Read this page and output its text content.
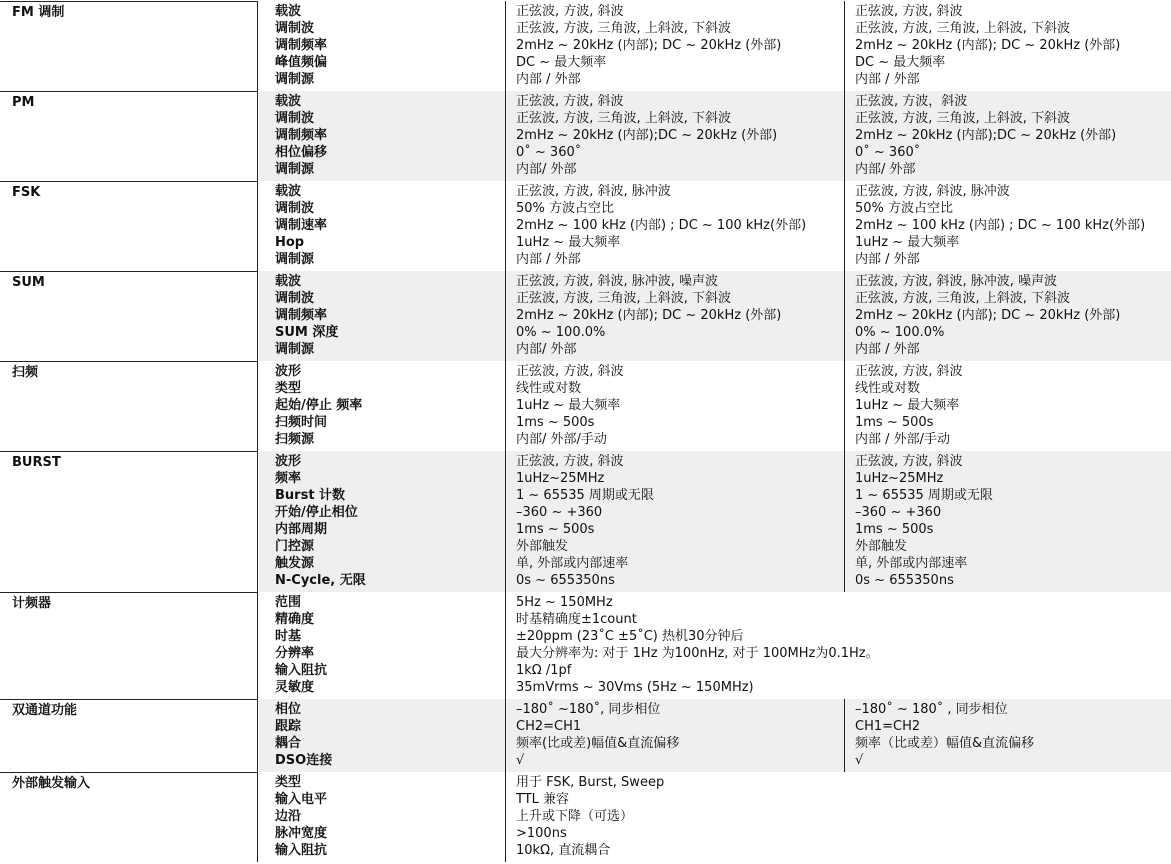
FM 调制	载波	正弦波, 方波, 斜波	正弦波, 方波, 斜波
调制波	正弦波, 方波, 三角波, 上斜波, 下斜波	正弦波, 方波, 三角波, 上斜波, 下斜波
调制频率	2mHz ~ 20kHz (内部); DC ~ 20kHz (外部)	2mHz ~ 20kHz (内部); DC ~ 20kHz (外部)
峰值频偏	DC ~ 最大频率	DC ~ 最大频率
调制源	内部 / 外部	内部 / 外部
PM	载波	正弦波, 方波, 斜波	正弦波, 方波，斜波
调制波	正弦波, 方波, 三角波, 上斜波, 下斜波	正弦波, 方波, 三角波, 上斜波, 下斜波
调制频率	2mHz ~ 20kHz (内部);DC ~ 20kHz (外部)	2mHz ~ 20kHz (内部);DC ~ 20kHz (外部)
相位偏移	0˚ ~ 360˚	0˚ ~ 360˚
调制源	内部/ 外部	内部/ 外部
FSK	载波	正弦波, 方波, 斜波, 脉冲波	正弦波, 方波, 斜波, 脉冲波
调制波	50% 方波占空比	50% 方波占空比
调制速率	2mHz ~ 100 kHz (内部) ; DC ~ 100 kHz(外部)	2mHz ~ 100 kHz (内部) ; DC ~ 100 kHz(外部)
Hop	1uHz ~ 最大频率	1uHz ~ 最大频率
调制源	内部 / 外部	内部 / 外部
SUM	载波	正弦波, 方波, 斜波, 脉冲波, 噪声波	正弦波, 方波, 斜波, 脉冲波, 噪声波
调制波	正弦波, 方波, 三角波, 上斜波, 下斜波	正弦波, 方波, 三角波, 上斜波, 下斜波
调制频率	2mHz ~ 20kHz (内部); DC ~ 20kHz (外部)	2mHz ~ 20kHz (内部); DC ~ 20kHz (外部)
SUM 深度	0% ~ 100.0%	0% ~ 100.0%
调制源	内部/ 外部	内部 / 外部
扫频	波形	正弦波, 方波, 斜波	正弦波, 方波, 斜波
类型	线性或对数	线性或对数
起始/停止 频率	1uHz ~ 最大频率	1uHz ~ 最大频率
扫频时间	1ms ~ 500s	1ms ~ 500s
扫频源	内部/ 外部/手动	内部 / 外部/手动
BURST	波形	正弦波, 方波, 斜波	正弦波, 方波, 斜波
频率	1uHz~25MHz	1uHz~25MHz
Burst 计数	1 ~ 65535 周期或无限	1 ~ 65535 周期或无限
开始/停止相位	–360 ~ +360	–360 ~ +360
内部周期	1ms ~ 500s	1ms ~ 500s
门控源	外部触发	外部触发
触发源	单, 外部或内部速率	单, 外部或内部速率
N-Cycle, 无限	0s ~ 655350ns	0s ~ 655350ns
计频器	范围	5Hz ~ 150MHz
精确度	时基精确度±1count
时基	±20ppm (23˚C ±5˚C) 热机30分钟后
分辨率	最大分辨率为: 对于 1Hz 为100nHz, 对于 100MHz为0.1Hz。
输入阻抗	1kΩ /1pf
灵敏度	35mVrms ~ 30Vms (5Hz ~ 150MHz)
双通道功能	相位	–180˚ ~180˚, 同步相位	–180˚ ~ 180˚ , 同步相位
跟踪	CH2=CH1	CH1=CH2
耦合	频率(比或差)幅值&直流偏移	频率（比或差）幅值&直流偏移
DSO连接	√	√
外部触发输入	类型	用于 FSK, Burst, Sweep
输入电平	TTL 兼容
边沿	上升或下降（可选）
脉冲宽度	>100ns
输入阻抗	10kΩ, 直流耦合
